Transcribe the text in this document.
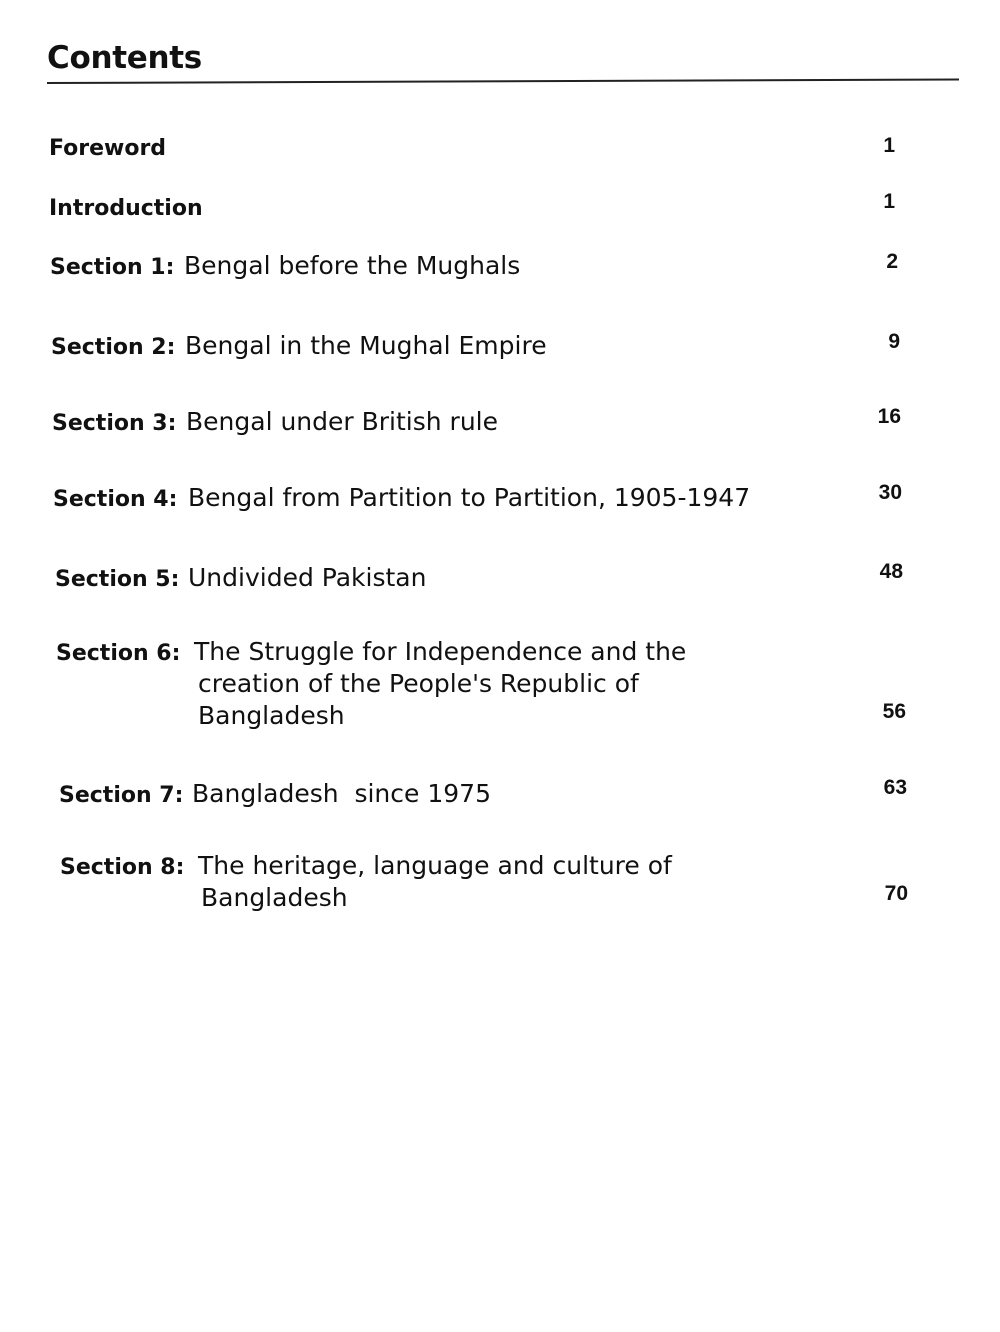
Contents
Foreword	1
Introduction	1
Section 1: Bengal before the Mughals	2
Section 2: Bengal in the Mughal Empire	9
Section 3: Bengal under British rule	16
Section 4: Bengal from Partition to Partition, 1905-1947	30
Section 5: Undivided Pakistan	48
Section 6: The Struggle for Independence and the
creation of the People's Republic of
Bangladesh	56
Section 7: Bangladesh  since 1975	63
Section 8: The heritage, language and culture of
Bangladesh	70
